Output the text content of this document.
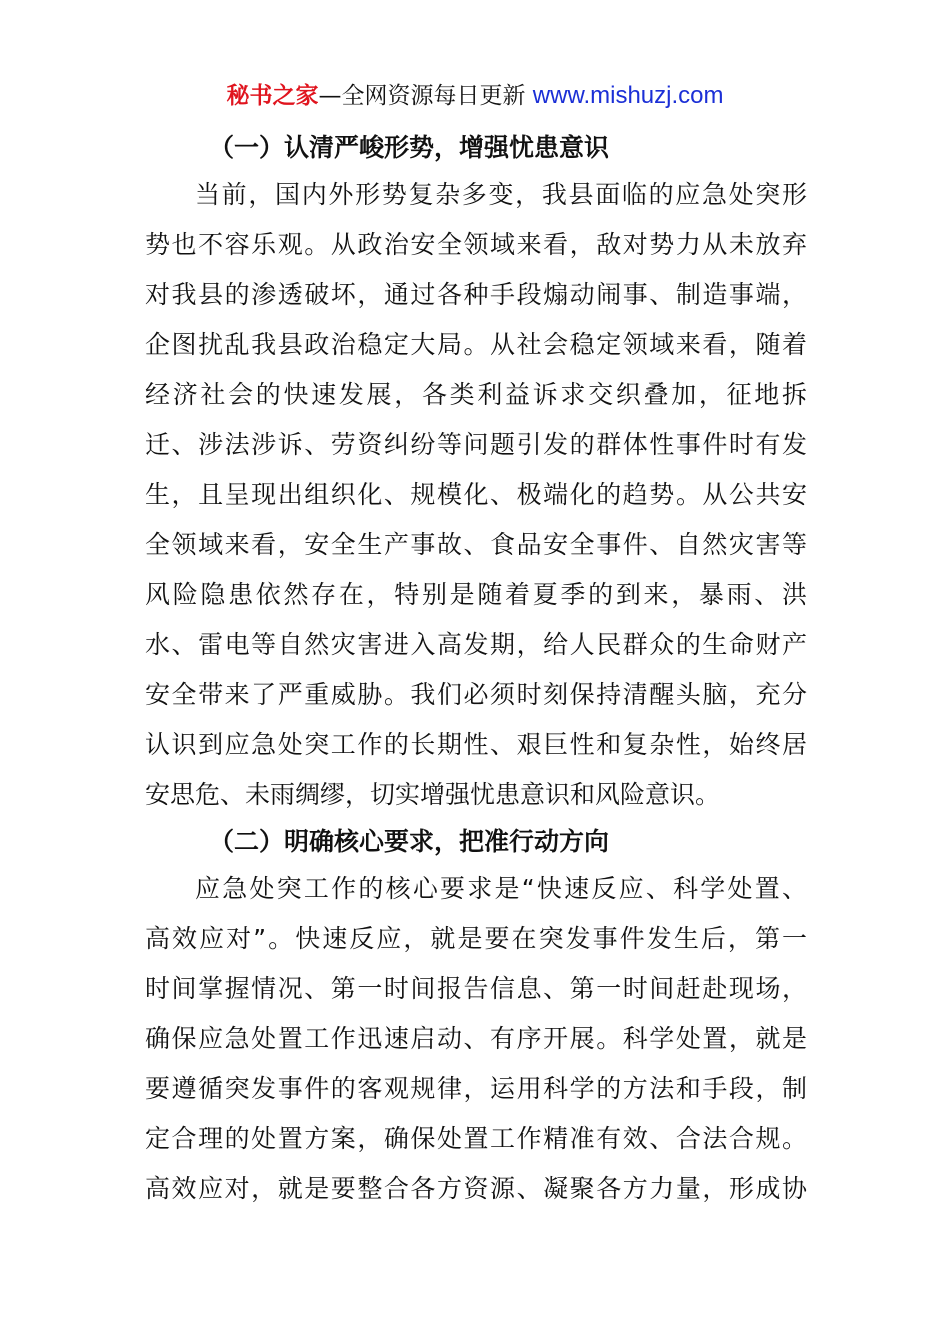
秘书之家—全网资源每日更新 www.mishuzj.com
（一）认清严峻形势，增强忧患意识
当前，国内外形势复杂多变，我县面临的应急处突形
势也不容乐观。从政治安全领域来看，敌对势力从未放弃
对我县的渗透破坏，通过各种手段煽动闹事、制造事端，
企图扰乱我县政治稳定大局。从社会稳定领域来看，随着
经济社会的快速发展，各类利益诉求交织叠加，征地拆
迁、涉法涉诉、劳资纠纷等问题引发的群体性事件时有发
生，且呈现出组织化、规模化、极端化的趋势。从公共安
全领域来看，安全生产事故、食品安全事件、自然灾害等
风险隐患依然存在，特别是随着夏季的到来，暴雨、洪
水、雷电等自然灾害进入高发期，给人民群众的生命财产
安全带来了严重威胁。我们必须时刻保持清醒头脑，充分
认识到应急处突工作的长期性、艰巨性和复杂性，始终居
安思危、未雨绸缪，切实增强忧患意识和风险意识。
（二）明确核心要求，把准行动方向
应急处突工作的核心要求是“快速反应、科学处置、
高效应对”。快速反应，就是要在突发事件发生后，第一
时间掌握情况、第一时间报告信息、第一时间赶赴现场，
确保应急处置工作迅速启动、有序开展。科学处置，就是
要遵循突发事件的客观规律，运用科学的方法和手段，制
定合理的处置方案，确保处置工作精准有效、合法合规。
高效应对，就是要整合各方资源、凝聚各方力量，形成协
